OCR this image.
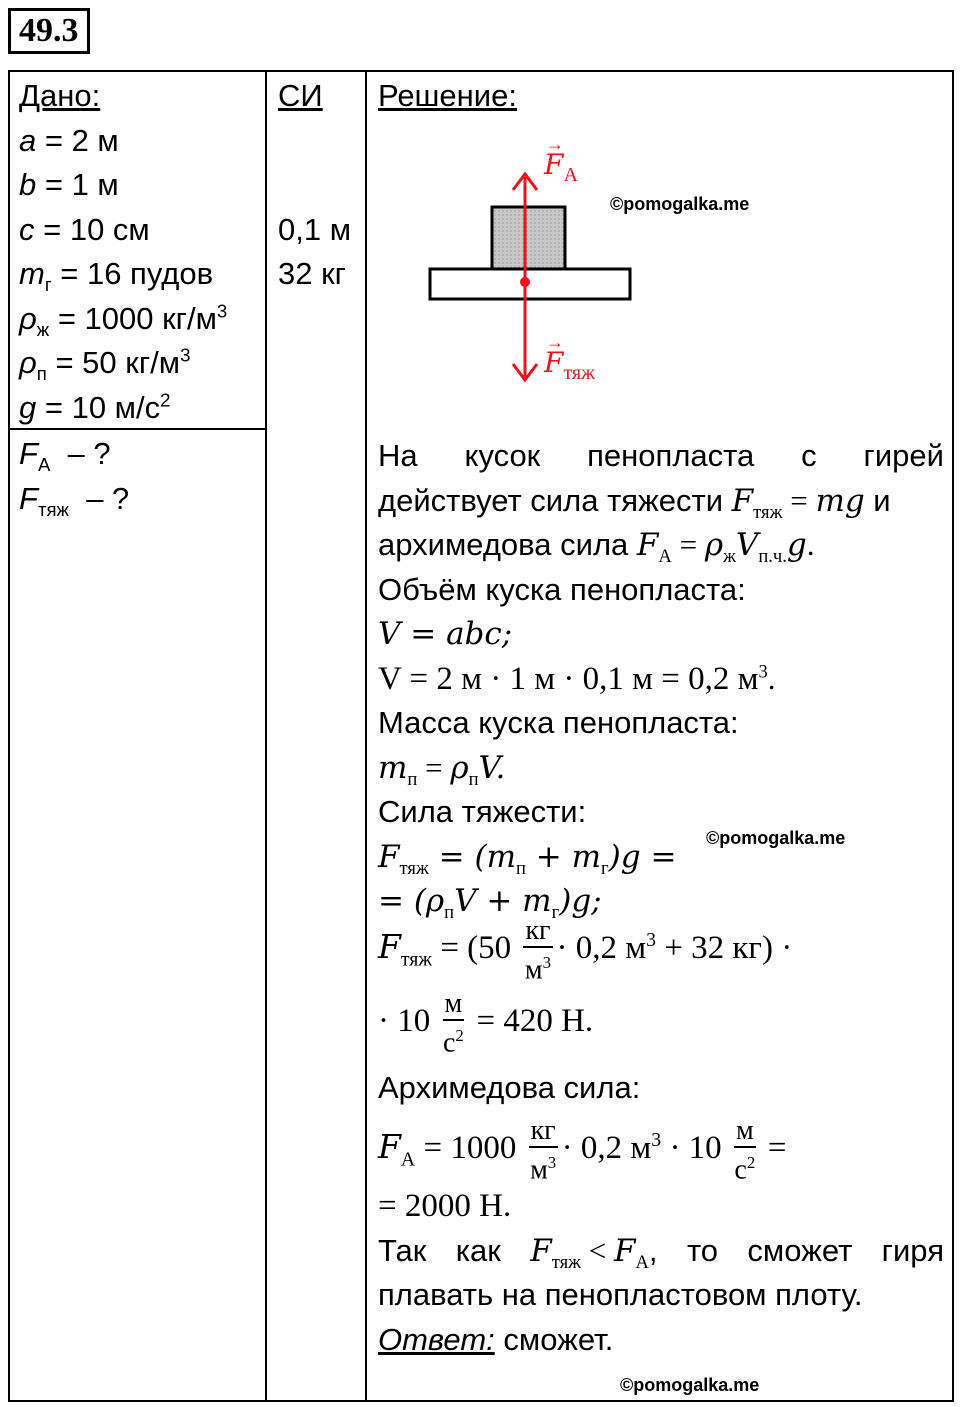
49.3
Дано:
a = 2 м
b = 1 м
c = 10 см
$m_г = 16$ пудов
$\rho_ж = 1000$ $кг/м^3$
$\rho_п = 50$ $кг/м^3$
g = 10 $м/с^2$
$F_A$  – ?
$F_{тяж}$  – ?
СИ
0,1 м
32 кг
Решение:
→
$F_A$
→
$F_{тяж}$
©pomogalka.me
На кусок пенопласта с гирей
действует сила тяжести $F_{тяж}$ = mg и
архимедова сила $F_A = \rho_жV_{п.ч.}g$.
Объём куска пенопласта:
V = abc;
V = 2 м · 1 м · 0,1 м = 0,2 $м^3$.
Масса куска пенопласта:
$m_п = \rho_пV$.
Сила тяжести:
$F_{тяж} = (m_п + m_г)g$ =
= $(\rho_пV + m_г)g$;
$F_{тяж} = (50 \frac{кг}{м^3} \cdot 0,2$ $м^3 + 32$ кг) ·
· $10 \frac{м}{с^2} = 420$ Н.
Архимедова сила:
$F_A = 1000 \frac{кг}{м^3} \cdot 0,2$ $м^3 \cdot 10 \frac{м}{с^2}$ =
= 2000 Н.
Так как $F_{тяж} < F_A$, то сможет гиря
плавать на пенопластовом плоту.
Ответ: сможет.
©pomogalka.me
©pomogalka.me
